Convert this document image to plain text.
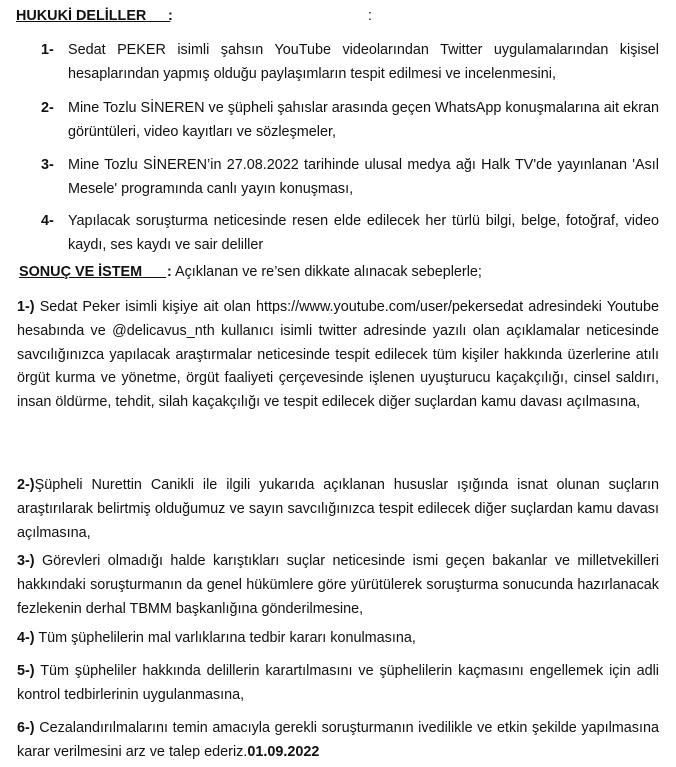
HUKUKİ DELİLLER	:	:
1- Sedat PEKER isimli şahsın YouTube videolarından Twitter uygulamalarından kişisel hesaplarından yapmış olduğu paylaşımların tespit edilmesi ve incelenmesini,
2- Mine Tozlu SİNEREN ve şüpheli şahıslar arasında geçen WhatsApp konuşmalarına ait ekran görüntüleri, video kayıtları ve sözleşmeler,
3- Mine Tozlu SİNEREN’in 27.08.2022 tarihinde ulusal medya ağı Halk TV'de yayınlanan 'Asıl Mesele' programında canlı yayın konuşması,
4- Yapılacak soruşturma neticesinde resen elde edilecek her türlü bilgi, belge, fotoğraf, video kaydı, ses kaydı ve sair deliller
SONUÇ VE İSTEM	: Açıklanan ve re’sen dikkate alınacak sebeplerle;
1-) Sedat Peker isimli kişiye ait olan https://www.youtube.com/user/pekersedat adresindeki Youtube hesabında ve @delicavus_nth kullanıcı isimli twitter adresinde yazılı olan açıklamalar neticesinde savcılığınızca yapılacak araştırmalar neticesinde tespit edilecek tüm kişiler hakkında üzerlerine atılı örgüt kurma ve yönetme, örgüt faaliyeti çerçevesinde işlenen uyuşturucu kaçakçılığı, cinsel saldırı, insan öldürme, tehdit, silah kaçakçılığı ve tespit edilecek diğer suçlardan kamu davası açılmasına,
2-)Şüpheli Nurettin Canikli ile ilgili yukarıda açıklanan hususlar ışığında isnat olunan suçların araştırılarak belirtmiş olduğumuz ve sayın savcılığınızca tespit edilecek diğer suçlardan kamu davası açılmasına,
3-) Görevleri olmadığı halde karıştıkları suçlar neticesinde ismi geçen bakanlar ve milletvekilleri hakkındaki soruşturmanın da genel hükümlere göre yürütülerek soruşturma sonucunda hazırlanacak fezlekenin derhal TBMM başkanlığına gönderilmesine,
4-) Tüm şüphelilerin mal varlıklarına tedbir kararı konulmasına,
5-) Tüm şüpheliler hakkında delillerin karartılmasını ve şüphelilerin kaçmasını engellemek için adli kontrol tedbirlerinin uygulanmasına,
6-) Cezalandırılmalarını temin amacıyla gerekli soruşturmanın ivedilikle ve etkin şekilde yapılmasına karar verilmesini arz ve talep ederiz.01.09.2022
